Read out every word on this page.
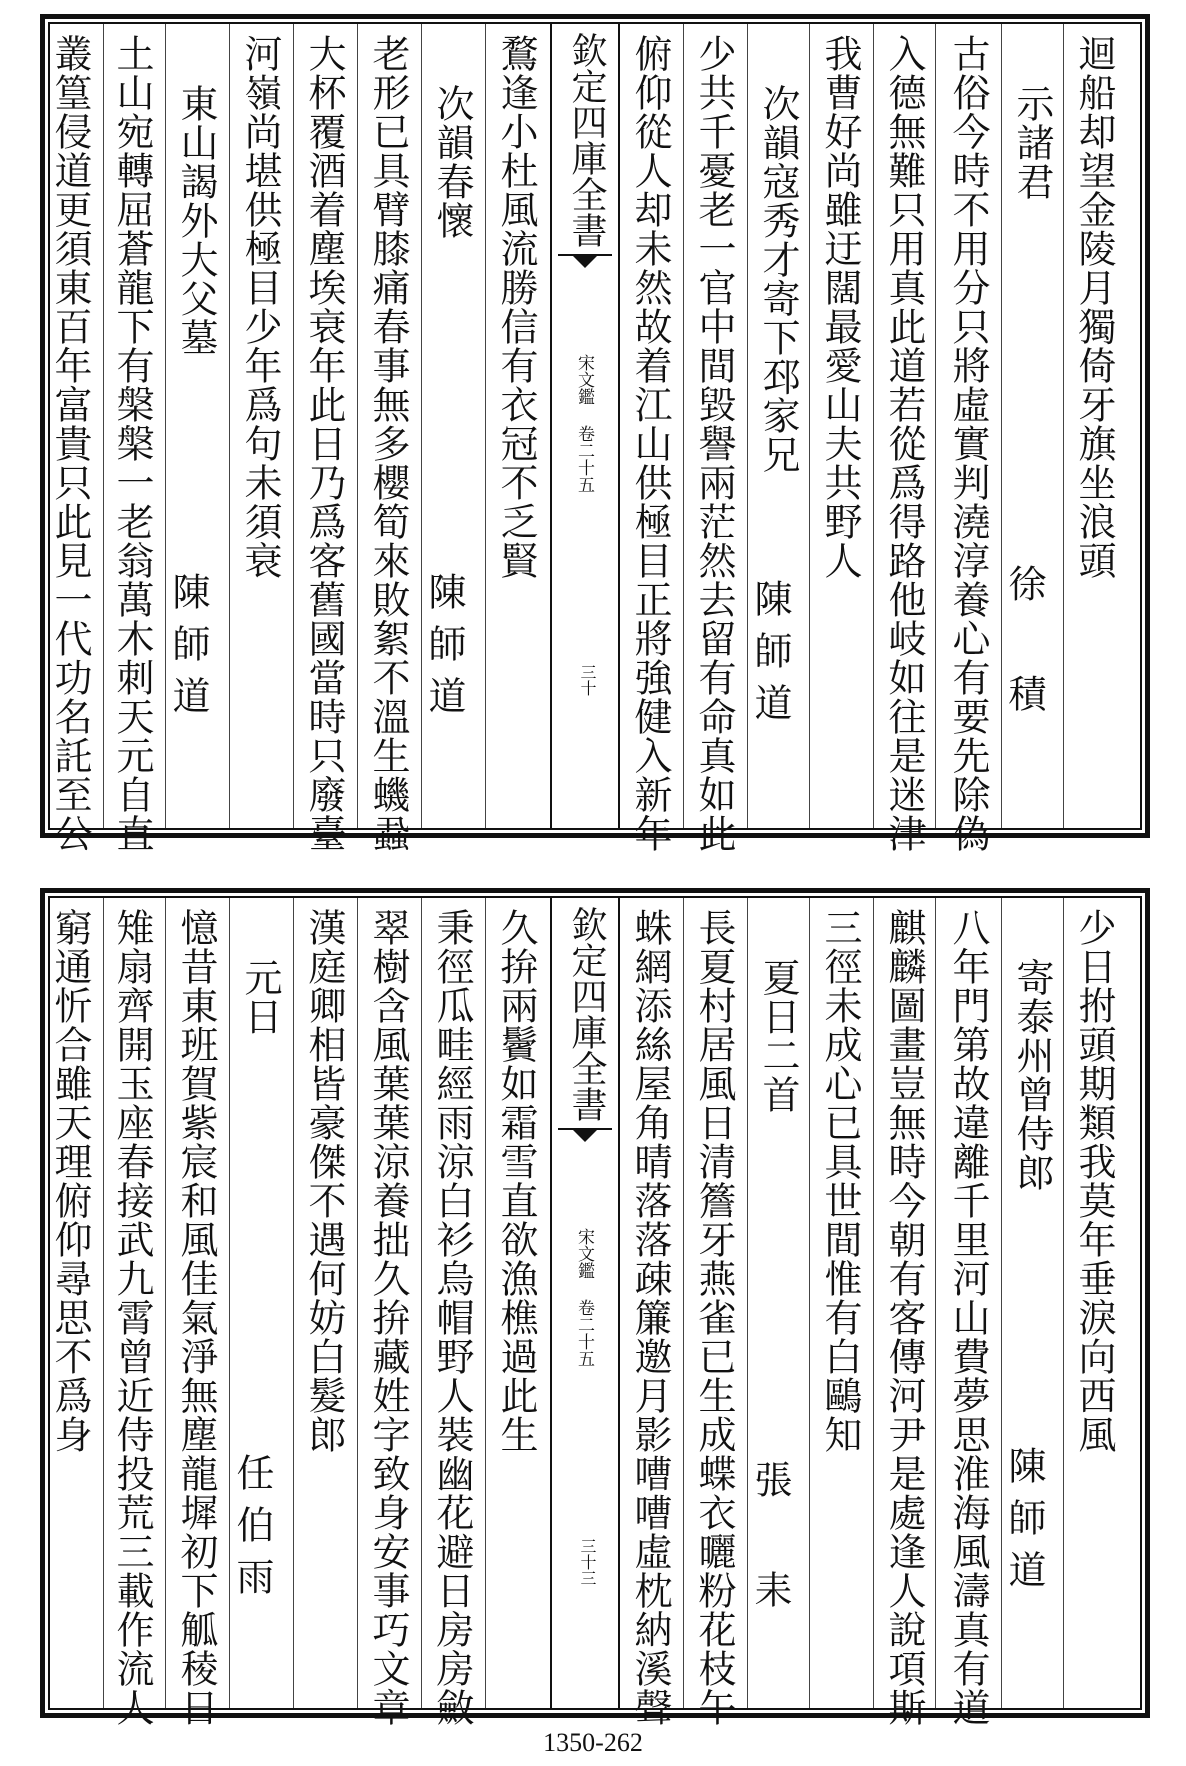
迴船却望金陵月獨倚牙旗坐浪頭
示諸君
徐 積
古俗今時不用分只將虛實判澆淳養心有要先除偽
入德無難只用真此道若從爲得路他岐如往是迷津
我曹好尚雖迂闊最愛山夫共野人
次韻寇秀才寄下邳家兄
陳師道
少共千憂老一官中間毀譽兩茫然去留有命真如此
俯仰從人却未然故着江山供極目正將強健入新年
欽定四庫全書
宋文鑑 卷二十五
三十
鶩逢小杜風流勝信有衣冠不乏賢
次韻春懷
陳師道
老形已具臂膝痛春事無多櫻筍來敗絮不溫生蟣蝨
大杯覆酒着塵埃衰年此日乃爲客舊國當時只廢臺
河嶺尚堪供極目少年爲句未須衰
東山謁外大父墓
陳師道
土山宛轉屈蒼龍下有槃槃一老翁萬木刺天元自直
叢篁侵道更須東百年富貴只此見一代功名託至公
少日拊頭期類我莫年垂淚向西風
寄泰州曾侍郎
陳師道
八年門第故違離千里河山費夢思淮海風濤真有道
麒麟圖畫豈無時今朝有客傳河尹是處逢人說項斯
三徑未成心已具世間惟有白鷗知
夏日二首
張 耒
長夏村居風日清簷牙燕雀已生成蝶衣曬粉花枝午
蛛網添絲屋角晴落落疎簾邀月影嘈嘈虛枕納溪聲
欽定四庫全書
宋文鑑 卷二十五
三十三
久拚兩鬢如霜雪直欲漁樵過此生
秉徑瓜畦經雨涼白衫烏帽野人裝幽花避日房房斂
翠樹含風葉葉涼養拙久拚藏姓字致身安事巧文章
漢庭卿相皆豪傑不遇何妨白髮郎
元日
任伯雨
憶昔東班賀紫宸和風佳氣淨無塵龍墀初下觚稜日
雉扇齊開玉座春接武九霄曾近侍投荒三載作流人
窮通忻合雖天理俯仰尋思不爲身
1350-262
